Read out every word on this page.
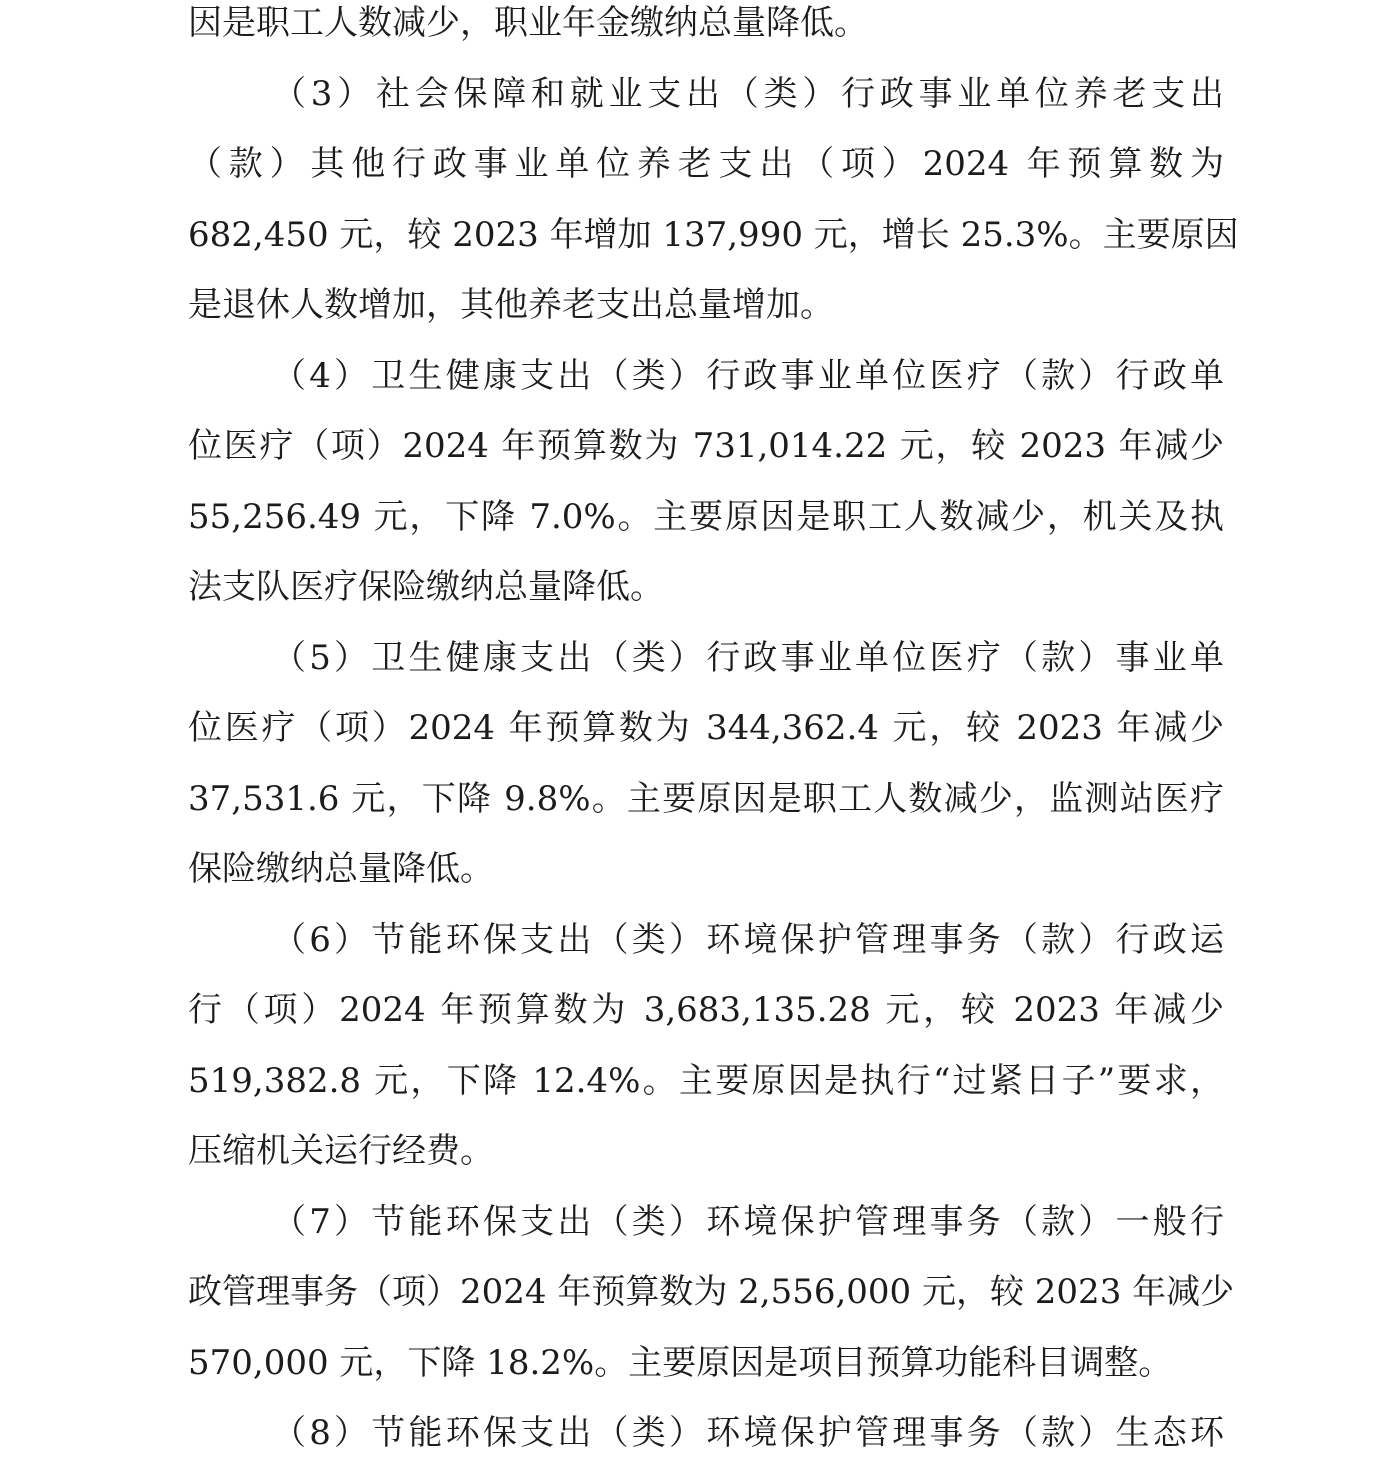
因是职工人数减少，职业年金缴纳总量降低。
（3）社会保障和就业支出（类）行政事业单位养老支出
（款）其他行政事业单位养老支出（项）2024 年预算数为
682,450 元，较 2023 年增加 137,990 元，增长 25.3%。主要原因
是退休人数增加，其他养老支出总量增加。
（4）卫生健康支出（类）行政事业单位医疗（款）行政单
位医疗（项）2024 年预算数为 731,014.22 元，较 2023 年减少
55,256.49 元，下降 7.0%。主要原因是职工人数减少，机关及执
法支队医疗保险缴纳总量降低。
（5）卫生健康支出（类）行政事业单位医疗（款）事业单
位医疗（项）2024 年预算数为 344,362.4 元，较 2023 年减少
37,531.6 元，下降 9.8%。主要原因是职工人数减少，监测站医疗
保险缴纳总量降低。
（6）节能环保支出（类）环境保护管理事务（款）行政运
行（项）2024 年预算数为 3,683,135.28 元，较 2023 年减少
519,382.8 元，下降 12.4%。主要原因是执行“过紧日子”要求，
压缩机关运行经费。
（7）节能环保支出（类）环境保护管理事务（款）一般行
政管理事务（项）2024 年预算数为 2,556,000 元，较 2023 年减少
570,000 元，下降 18.2%。主要原因是项目预算功能科目调整。
（8）节能环保支出（类）环境保护管理事务（款）生态环
